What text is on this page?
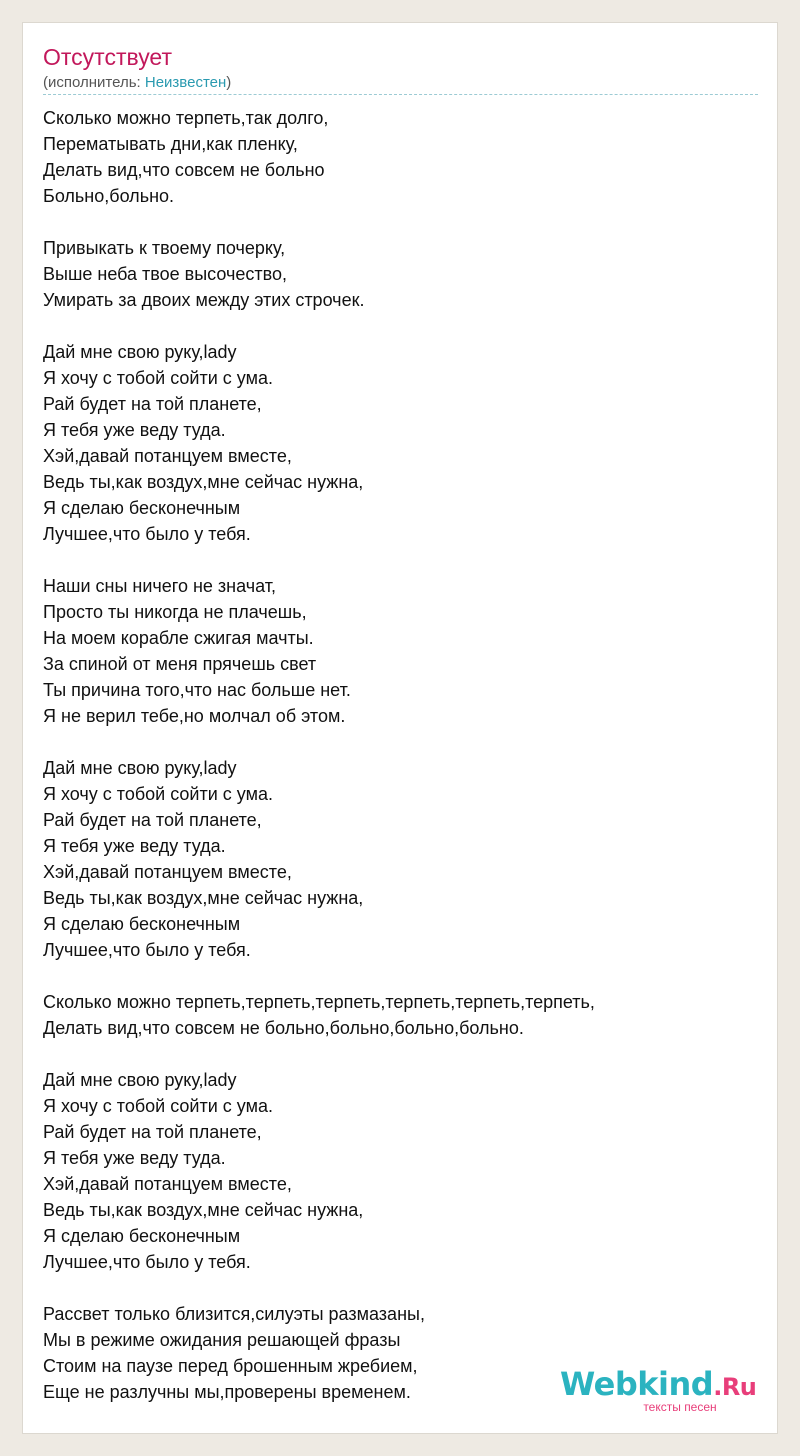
Отсутствует
(исполнитель: Неизвестен)
Сколько можно терпеть,так долго,
Перематывать дни,как пленку,
Делать вид,что совсем не больно
Больно,больно.
Привыкать к твоему почерку,
Выше неба твое высочество,
Умирать за двоих между этих строчек.
Дай мне свою руку,lady
Я хочу с тобой сойти с ума.
Рай будет на той планете,
Я тебя уже веду туда.
Хэй,давай потанцуем вместе,
Ведь ты,как воздух,мне сейчас нужна,
Я сделаю бесконечным
Лучшее,что было у тебя.
Наши сны ничего не значат,
Просто ты никогда не плачешь,
На моем корабле сжигая мачты.
За спиной от меня прячешь свет
Ты причина того,что нас больше нет.
Я не верил тебе,но молчал об этом.
Дай мне свою руку,lady
Я хочу с тобой сойти с ума.
Рай будет на той планете,
Я тебя уже веду туда.
Хэй,давай потанцуем вместе,
Ведь ты,как воздух,мне сейчас нужна,
Я сделаю бесконечным
Лучшее,что было у тебя.
Сколько можно терпеть,терпеть,терпеть,терпеть,терпеть,терпеть,
Делать вид,что совсем не больно,больно,больно,больно.
Дай мне свою руку,lady
Я хочу с тобой сойти с ума.
Рай будет на той планете,
Я тебя уже веду туда.
Хэй,давай потанцуем вместе,
Ведь ты,как воздух,мне сейчас нужна,
Я сделаю бесконечным
Лучшее,что было у тебя.
Рассвет только близится,силуэты размазаны,
Мы в режиме ожидания решающей фразы
Стоим на паузе перед брошенным жребием,
Еще не разлучны мы,проверены временем.	Webkind.Ru
тексты песен
